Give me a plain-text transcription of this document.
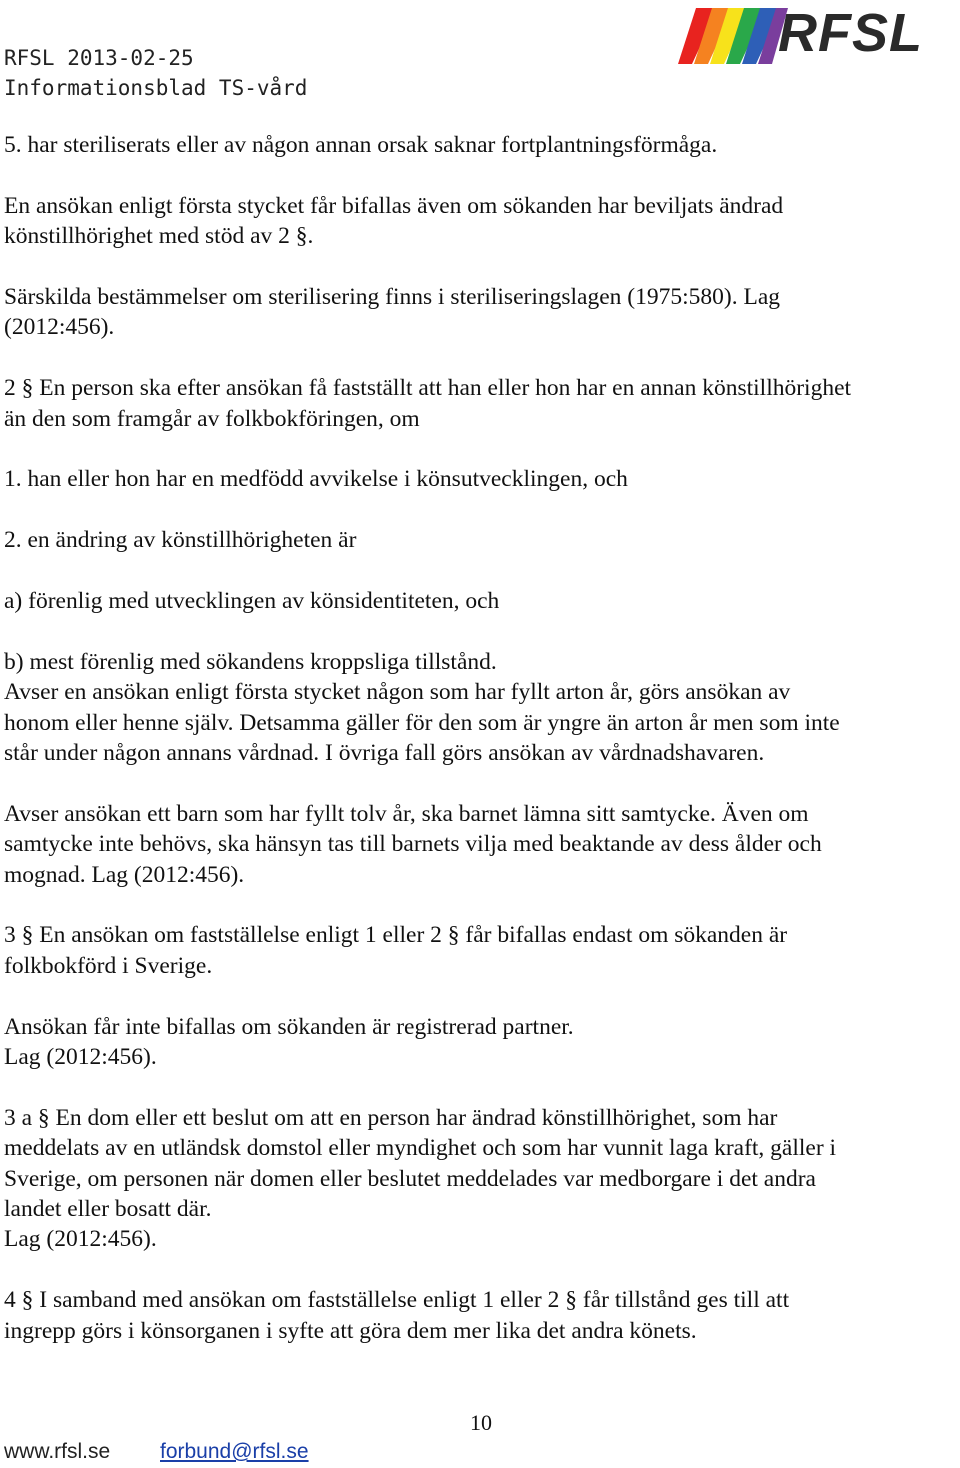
RFSL 2013-02-25
Informationsblad TS-vård
RFSL

5. har steriliserats eller av någon annan orsak saknar fortplantningsförmåga.

En ansökan enligt första stycket får bifallas även om sökanden har beviljats ändrad

könstillhörighet med stöd av 2 §.

Särskilda bestämmelser om sterilisering finns i steriliseringslagen (1975:580). Lag

(2012:456).

2 § En person ska efter ansökan få fastställt att han eller hon har en annan könstillhörighet

än den som framgår av folkbokföringen, om

1. han eller hon har en medfödd avvikelse i könsutvecklingen, och

2. en ändring av könstillhörigheten är

a) förenlig med utvecklingen av könsidentiteten, och

b) mest förenlig med sökandens kroppsliga tillstånd.

Avser en ansökan enligt första stycket någon som har fyllt arton år, görs ansökan av

honom eller henne själv. Detsamma gäller för den som är yngre än arton år men som inte

står under någon annans vårdnad. I övriga fall görs ansökan av vårdnadshavaren.

Avser ansökan ett barn som har fyllt tolv år, ska barnet lämna sitt samtycke. Även om

samtycke inte behövs, ska hänsyn tas till barnets vilja med beaktande av dess ålder och

mognad. Lag (2012:456).

3 § En ansökan om fastställelse enligt 1 eller 2 § får bifallas endast om sökanden är

folkbokförd i Sverige.

Ansökan får inte bifallas om sökanden är registrerad partner.

Lag (2012:456).

3 a § En dom eller ett beslut om att en person har ändrad könstillhörighet, som har

meddelats av en utländsk domstol eller myndighet och som har vunnit laga kraft, gäller i

Sverige, om personen när domen eller beslutet meddelades var medborgare i det andra

landet eller bosatt där.

Lag (2012:456).

4 § I samband med ansökan om fastställelse enligt 1 eller 2 § får tillstånd ges till att

ingrepp görs i könsorganen i syfte att göra dem mer lika det andra könets.

10
www.rfsl.se forbund@rfsl.se
